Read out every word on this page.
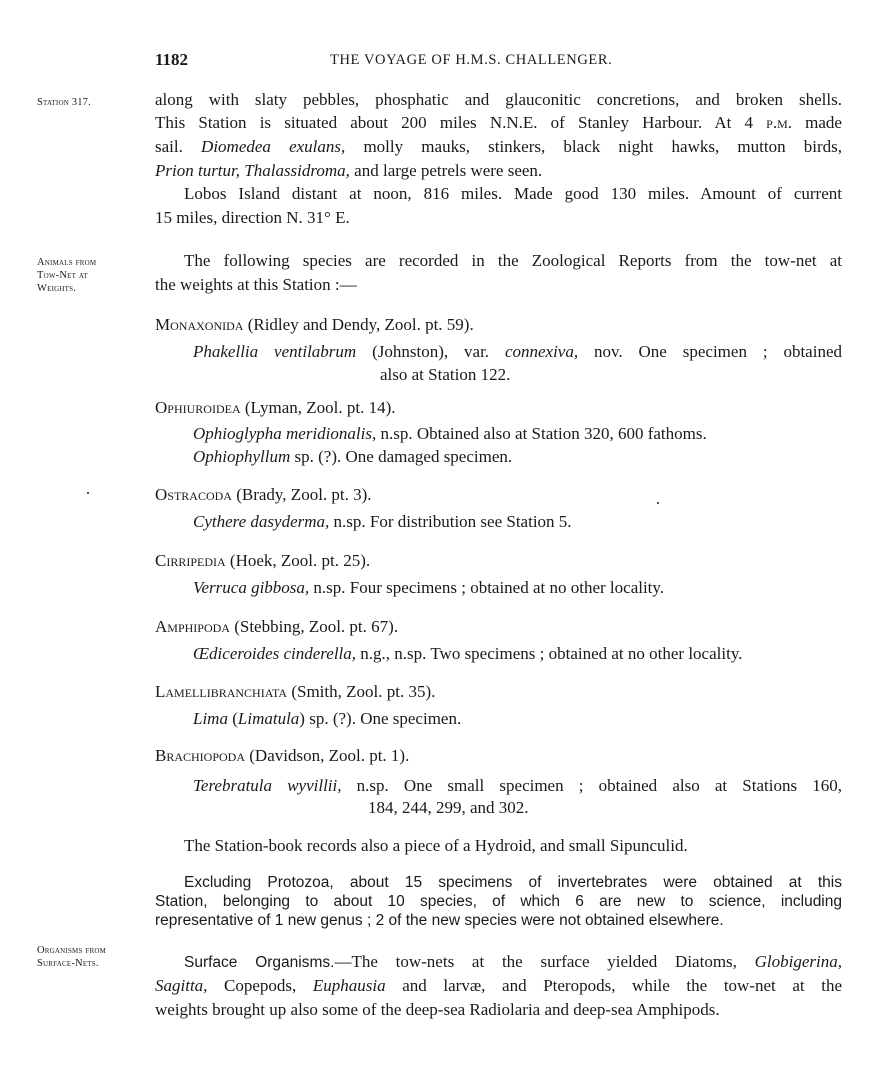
1182	THE VOYAGE OF H.M.S. CHALLENGER.
Station 317.
Animals from
Tow-Net at
Weights.
Organisms from
Surface-Nets.
along with slaty pebbles, phosphatic and glauconitic concretions, and broken shells.
This Station is situated about 200 miles N.N.E. of Stanley Harbour. At 4 p.m. made
sail. Diomedea exulans, molly mauks, stinkers, black night hawks, mutton birds,
Prion turtur, Thalassidroma, and large petrels were seen.
Lobos Island distant at noon, 816 miles. Made good 130 miles. Amount of current
15 miles, direction N. 31° E.
The following species are recorded in the Zoological Reports from the tow-net at
the weights at this Station :—
Monaxonida (Ridley and Dendy, Zool. pt. 59).
Phakellia ventilabrum (Johnston), var. connexiva, nov. One specimen ; obtained
also at Station 122.
Ophiuroidea (Lyman, Zool. pt. 14).
Ophioglypha meridionalis, n.sp. Obtained also at Station 320, 600 fathoms.
Ophiophyllum sp. (?). One damaged specimen.
Ostracoda (Brady, Zool. pt. 3).
Cythere dasyderma, n.sp. For distribution see Station 5.
Cirripedia (Hoek, Zool. pt. 25).
Verruca gibbosa, n.sp. Four specimens ; obtained at no other locality.
Amphipoda (Stebbing, Zool. pt. 67).
Œdiceroides cinderella, n.g., n.sp. Two specimens ; obtained at no other locality.
Lamellibranchiata (Smith, Zool. pt. 35).
Lima (Limatula) sp. (?). One specimen.
Brachiopoda (Davidson, Zool. pt. 1).
Terebratula wyvillii, n.sp. One small specimen ; obtained also at Stations 160,
184, 244, 299, and 302.
The Station-book records also a piece of a Hydroid, and small Sipunculid.
Excluding Protozoa, about 15 specimens of invertebrates were obtained at this
Station, belonging to about 10 species, of which 6 are new to science, including
representative of 1 new genus ; 2 of the new species were not obtained elsewhere.
Surface Organisms.—The tow-nets at the surface yielded Diatoms, Globigerina,
Sagitta, Copepods, Euphausia and larvæ, and Pteropods, while the tow-net at the
weights brought up also some of the deep-sea Radiolaria and deep-sea Amphipods.
